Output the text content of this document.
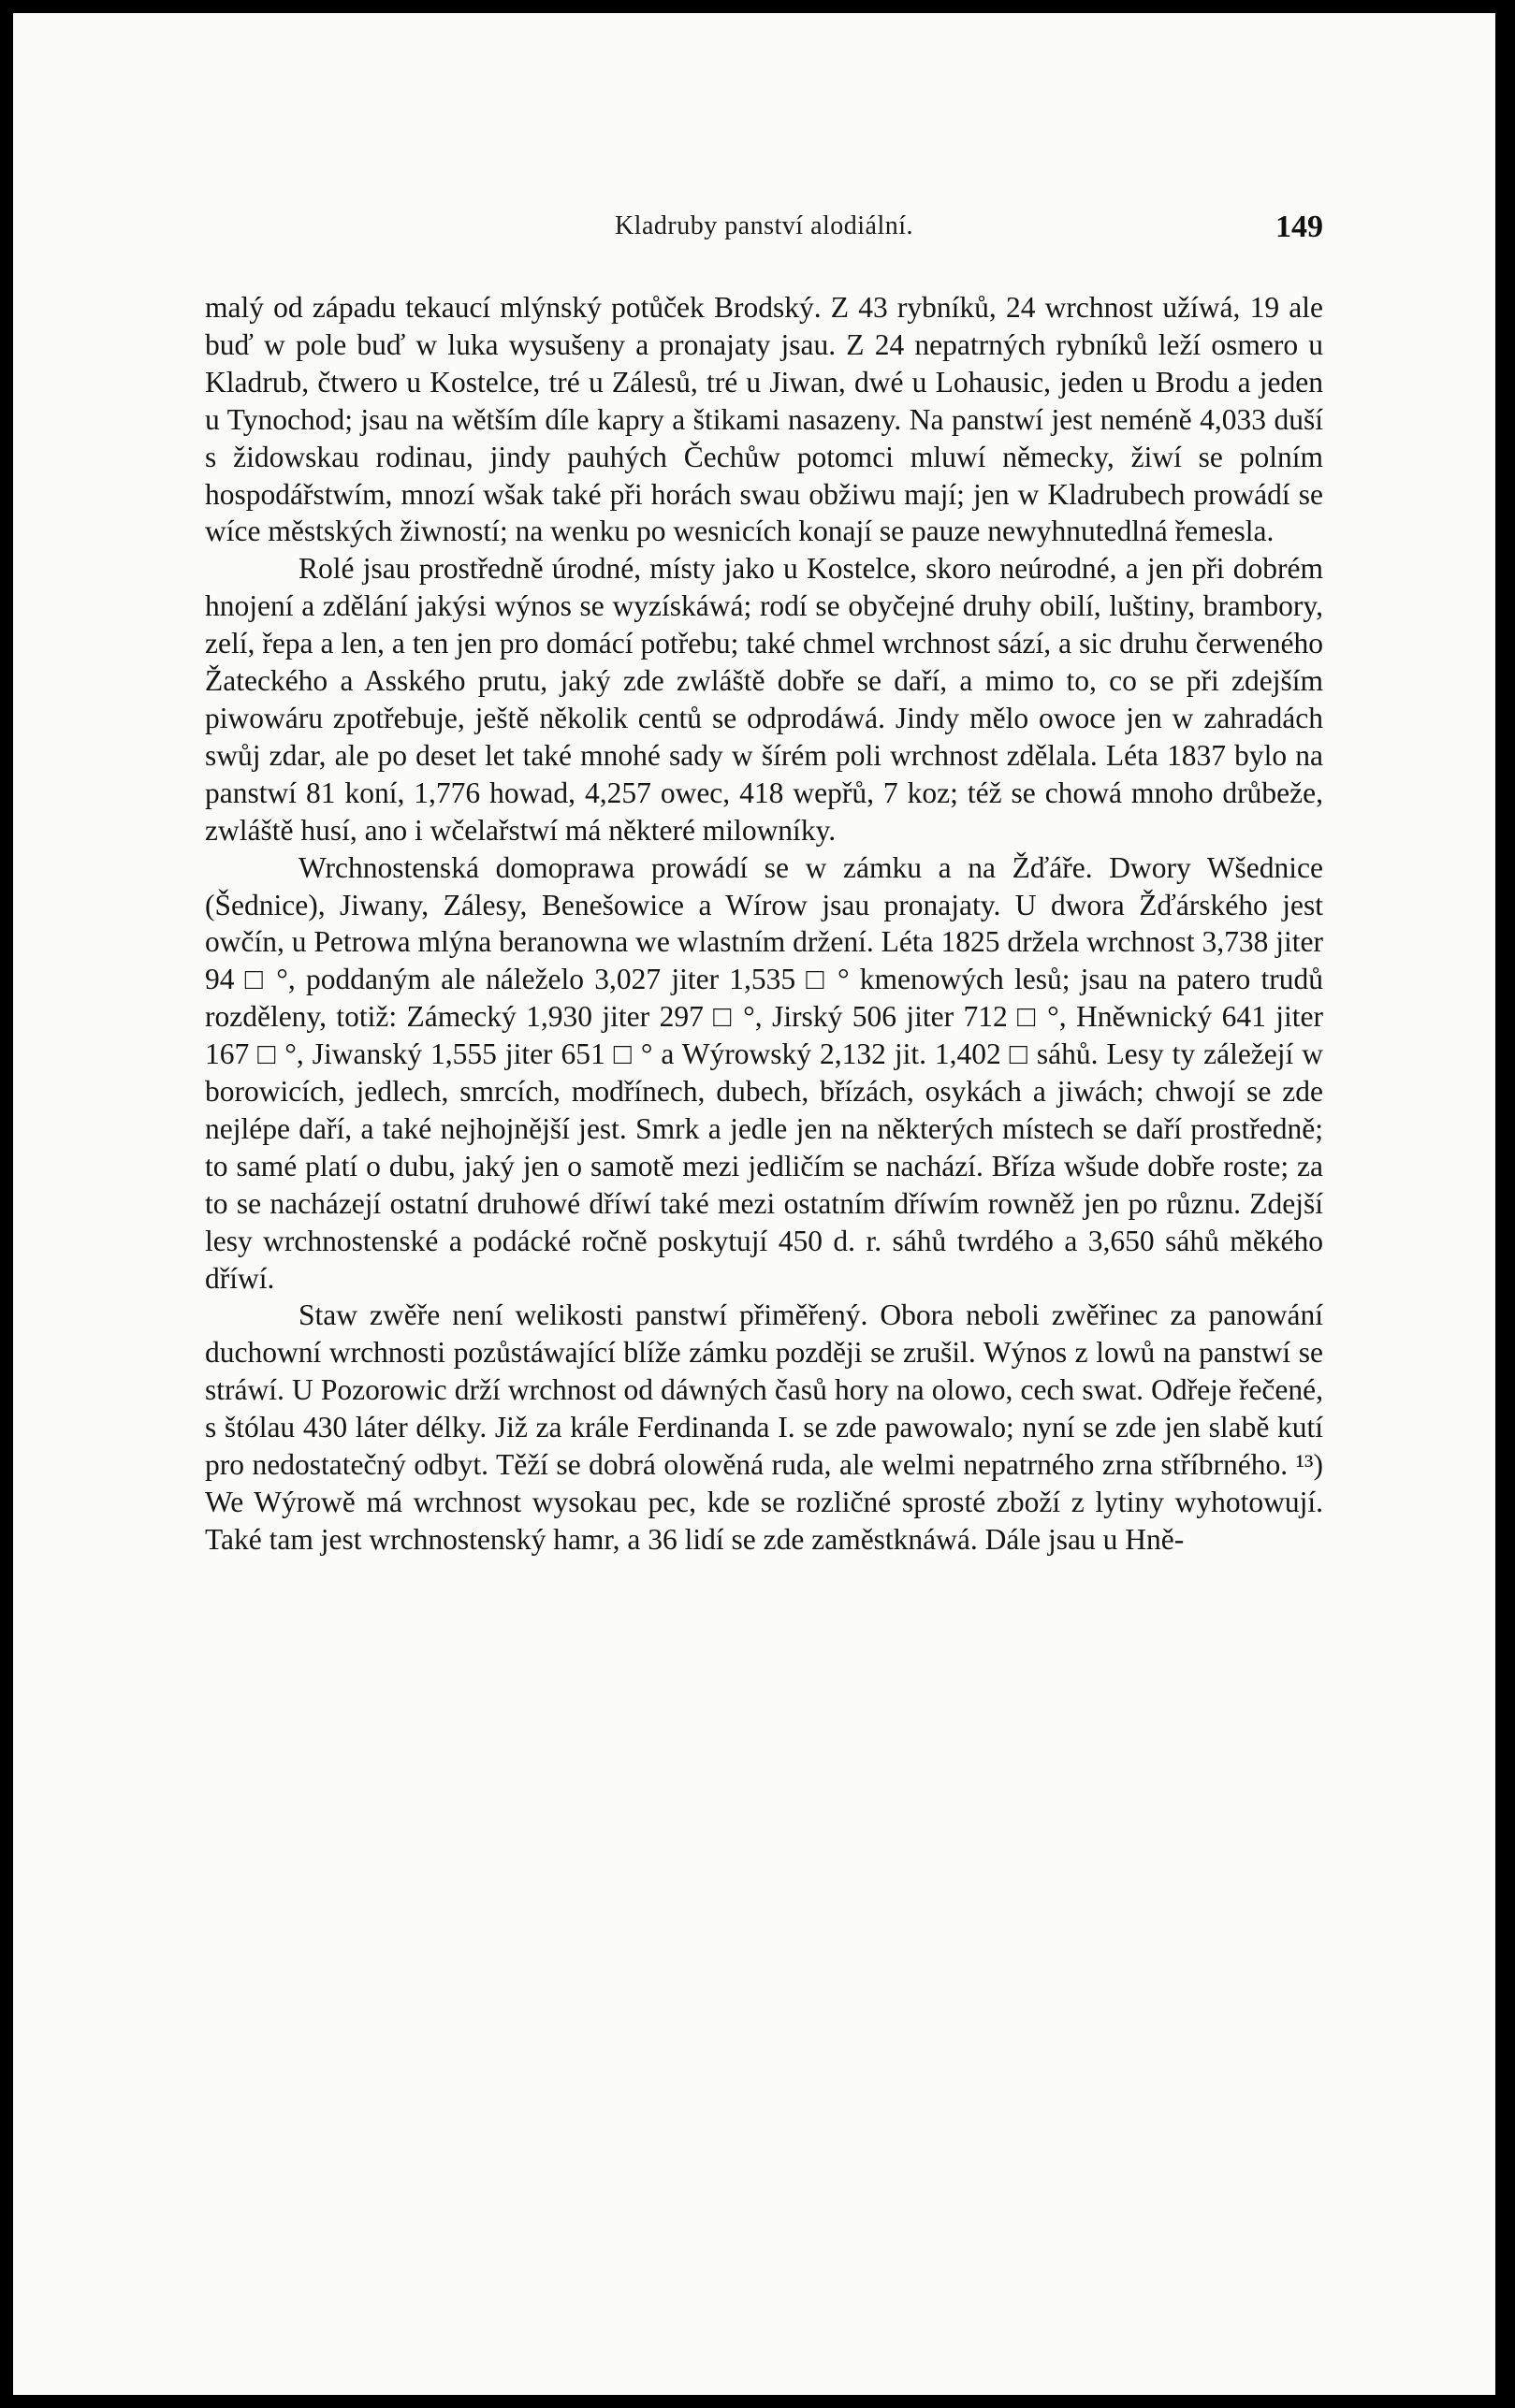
Kladruby panství alodiální.	149

malý od západu tekaucí mlýnský potůček Brodský. Z 43 rybníků, 24 wrchnost užíwá, 19 ale buď w pole buď w luka wysušeny a pronajaty jsau. Z 24 nepatrných rybníků leží osmero u Kladrub, čtwero u Kostelce, tré u Zálesů, tré u Jiwan, dwé u Lohausic, jeden u Brodu a jeden u Tynochod; jsau na wětším díle kapry a štikami nasazeny. Na panstwí jest neméně 4,033 duší s židowskau rodinau, jindy pauhých Čechůw potomci mluwí německy, žiwí se polním hospodářstwím, mnozí wšak také při horách swau obžiwu mají; jen w Kladrubech prowádí se wíce městských žiwností; na wenku po wesnicích konají se pauze newyhnutedlná řemesla.

Rolé jsau prostředně úrodné, místy jako u Kostelce, skoro neúrodné, a jen při dobrém hnojení a zdělání jakýsi wýnos se wyzískáwá; rodí se obyčejné druhy obilí, luštiny, brambory, zelí, řepa a len, a ten jen pro domácí potřebu; také chmel wrchnost sází, a sic druhu čerweného Žateckého a Asského prutu, jaký zde zwláště dobře se daří, a mimo to, co se při zdejším piwowáru zpotřebuje, ještě několik centů se odprodáwá. Jindy mělo owoce jen w zahradách swůj zdar, ale po deset let také mnohé sady w šírém poli wrchnost zdělala. Léta 1837 bylo na panstwí 81 koní, 1,776 howad, 4,257 owec, 418 wepřů, 7 koz; též se chowá mnoho drůbeže, zwláště husí, ano i wčelařstwí má některé milowníky.

Wrchnostenská domoprawa prowádí se w zámku a na Žďáře. Dwory Wšednice (Šednice), Jiwany, Zálesy, Benešowice a Wírow jsau pronajaty. U dwora Žďárského jest owčín, u Petrowa mlýna beranowna we wlastním držení. Léta 1825 držela wrchnost 3,738 jiter 94 □ °, poddaným ale náleželo 3,027 jiter 1,535 □ ° kmenowých lesů; jsau na patero trudů rozděleny, totiž: Zámecký 1,930 jiter 297 □ °, Jirský 506 jiter 712 □ °, Hněwnický 641 jiter 167 □ °, Jiwanský 1,555 jiter 651 □ ° a Wýrowský 2,132 jit. 1,402 □ sáhů. Lesy ty záležejí w borowicích, jedlech, smrcích, modřínech, dubech, břízách, osykách a jiwách; chwojí se zde nejlépe daří, a také nejhojnější jest. Smrk a jedle jen na některých místech se daří prostředně; to samé platí o dubu, jaký jen o samotě mezi jedličím se nachází. Bříza wšude dobře roste; za to se nacházejí ostatní druhowé dříwí také mezi ostatním dříwím rowněž jen po různu. Zdejší lesy wrchnostenské a podácké ročně poskytují 450 d. r. sáhů twrdého a 3,650 sáhů měkého dříwí.

Staw zwěře není welikosti panstwí přiměřený. Obora neboli zwěřinec za panowání duchowní wrchnosti pozůstáwající blíže zámku později se zrušil. Wýnos z lowů na panstwí se stráwí. U Pozorowic drží wrchnost od dáwných časů hory na olowo, cech swat. Odřeje řečené, s štólau 430 láter délky. Již za krále Ferdinanda I. se zde pawowalo; nyní se zde jen slabě kutí pro nedostatečný odbyt. Těží se dobrá olowěná ruda, ale welmi nepatrného zrna stříbrného. ¹³) We Wýrowě má wrchnost wysokau pec, kde se rozličné sprosté zboží z lytiny wyhotowují. Také tam jest wrchnostenský hamr, a 36 lidí se zde zaměstknáwá. Dále jsau u Hně-
